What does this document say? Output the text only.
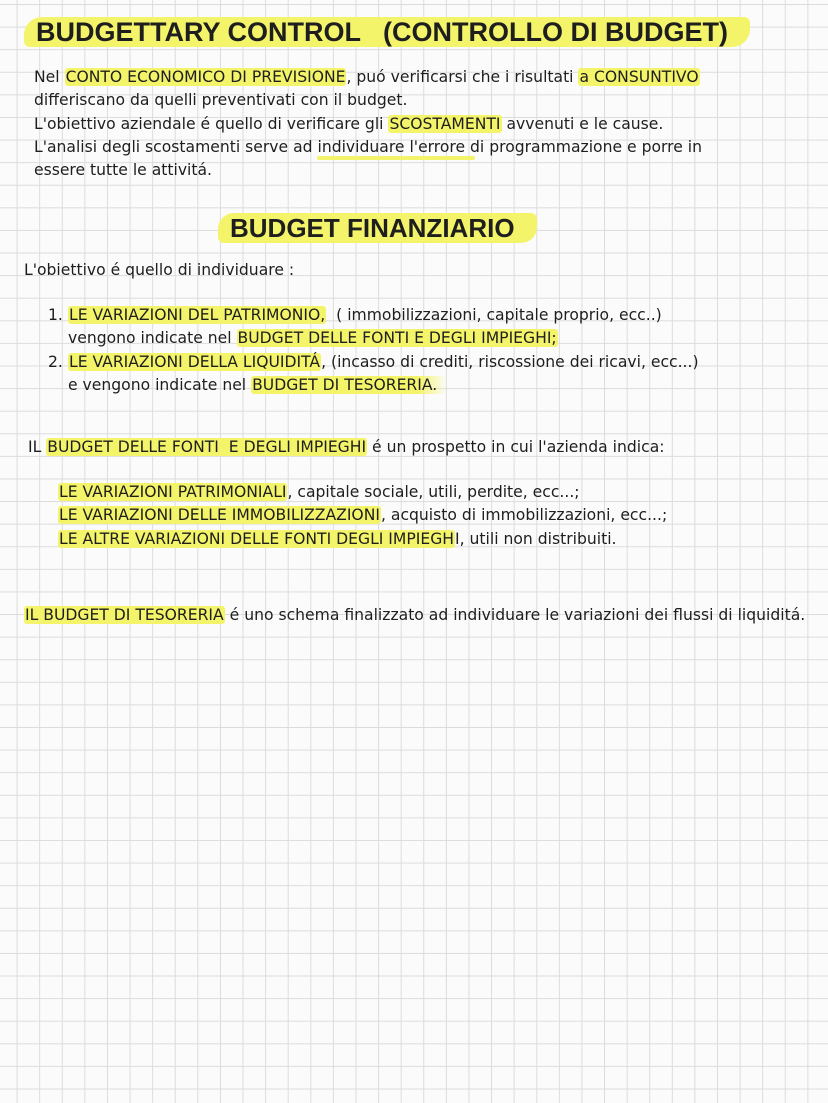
BUDGETTARY CONTROL   (CONTROLLO DI BUDGET)

Nel CONTO ECONOMICO DI PREVISIONE, puó verificarsi che i risultati a CONSUNTIVO

differiscano da quelli preventivati con il budget.

L'obiettivo aziendale é quello di verificare gli SCOSTAMENTI avvenuti e le cause.

L'analisi degli scostamenti serve ad individuare l'errore di programmazione e porre in

essere tutte le attivitá.

BUDGET FINANZIARIO
L'obiettivo é quello di individuare :
1. LE VARIAZIONI DEL PATRIMONIO,  ( immobilizzazioni, capitale proprio, ecc..)
vengono indicate nel BUDGET DELLE FONTI E DEGLI IMPIEGHI;
2. LE VARIAZIONI DELLA LIQUIDITÁ, (incasso di crediti, riscossione dei ricavi, ecc...)
e vengono indicate nel BUDGET DI TESORERIA.
IL BUDGET DELLE FONTI  E DEGLI IMPIEGHI é un prospetto in cui l'azienda indica:

LE VARIAZIONI PATRIMONIALI, capitale sociale, utili, perdite, ecc...;

LE VARIAZIONI DELLE IMMOBILIZZAZIONI, acquisto di immobilizzazioni, ecc...;

LE ALTRE VARIAZIONI DELLE FONTI DEGLI IMPIEGHI, utili non distribuiti.

IL BUDGET DI TESORERIA é uno schema finalizzato ad individuare le variazioni dei flussi di liquiditá.
